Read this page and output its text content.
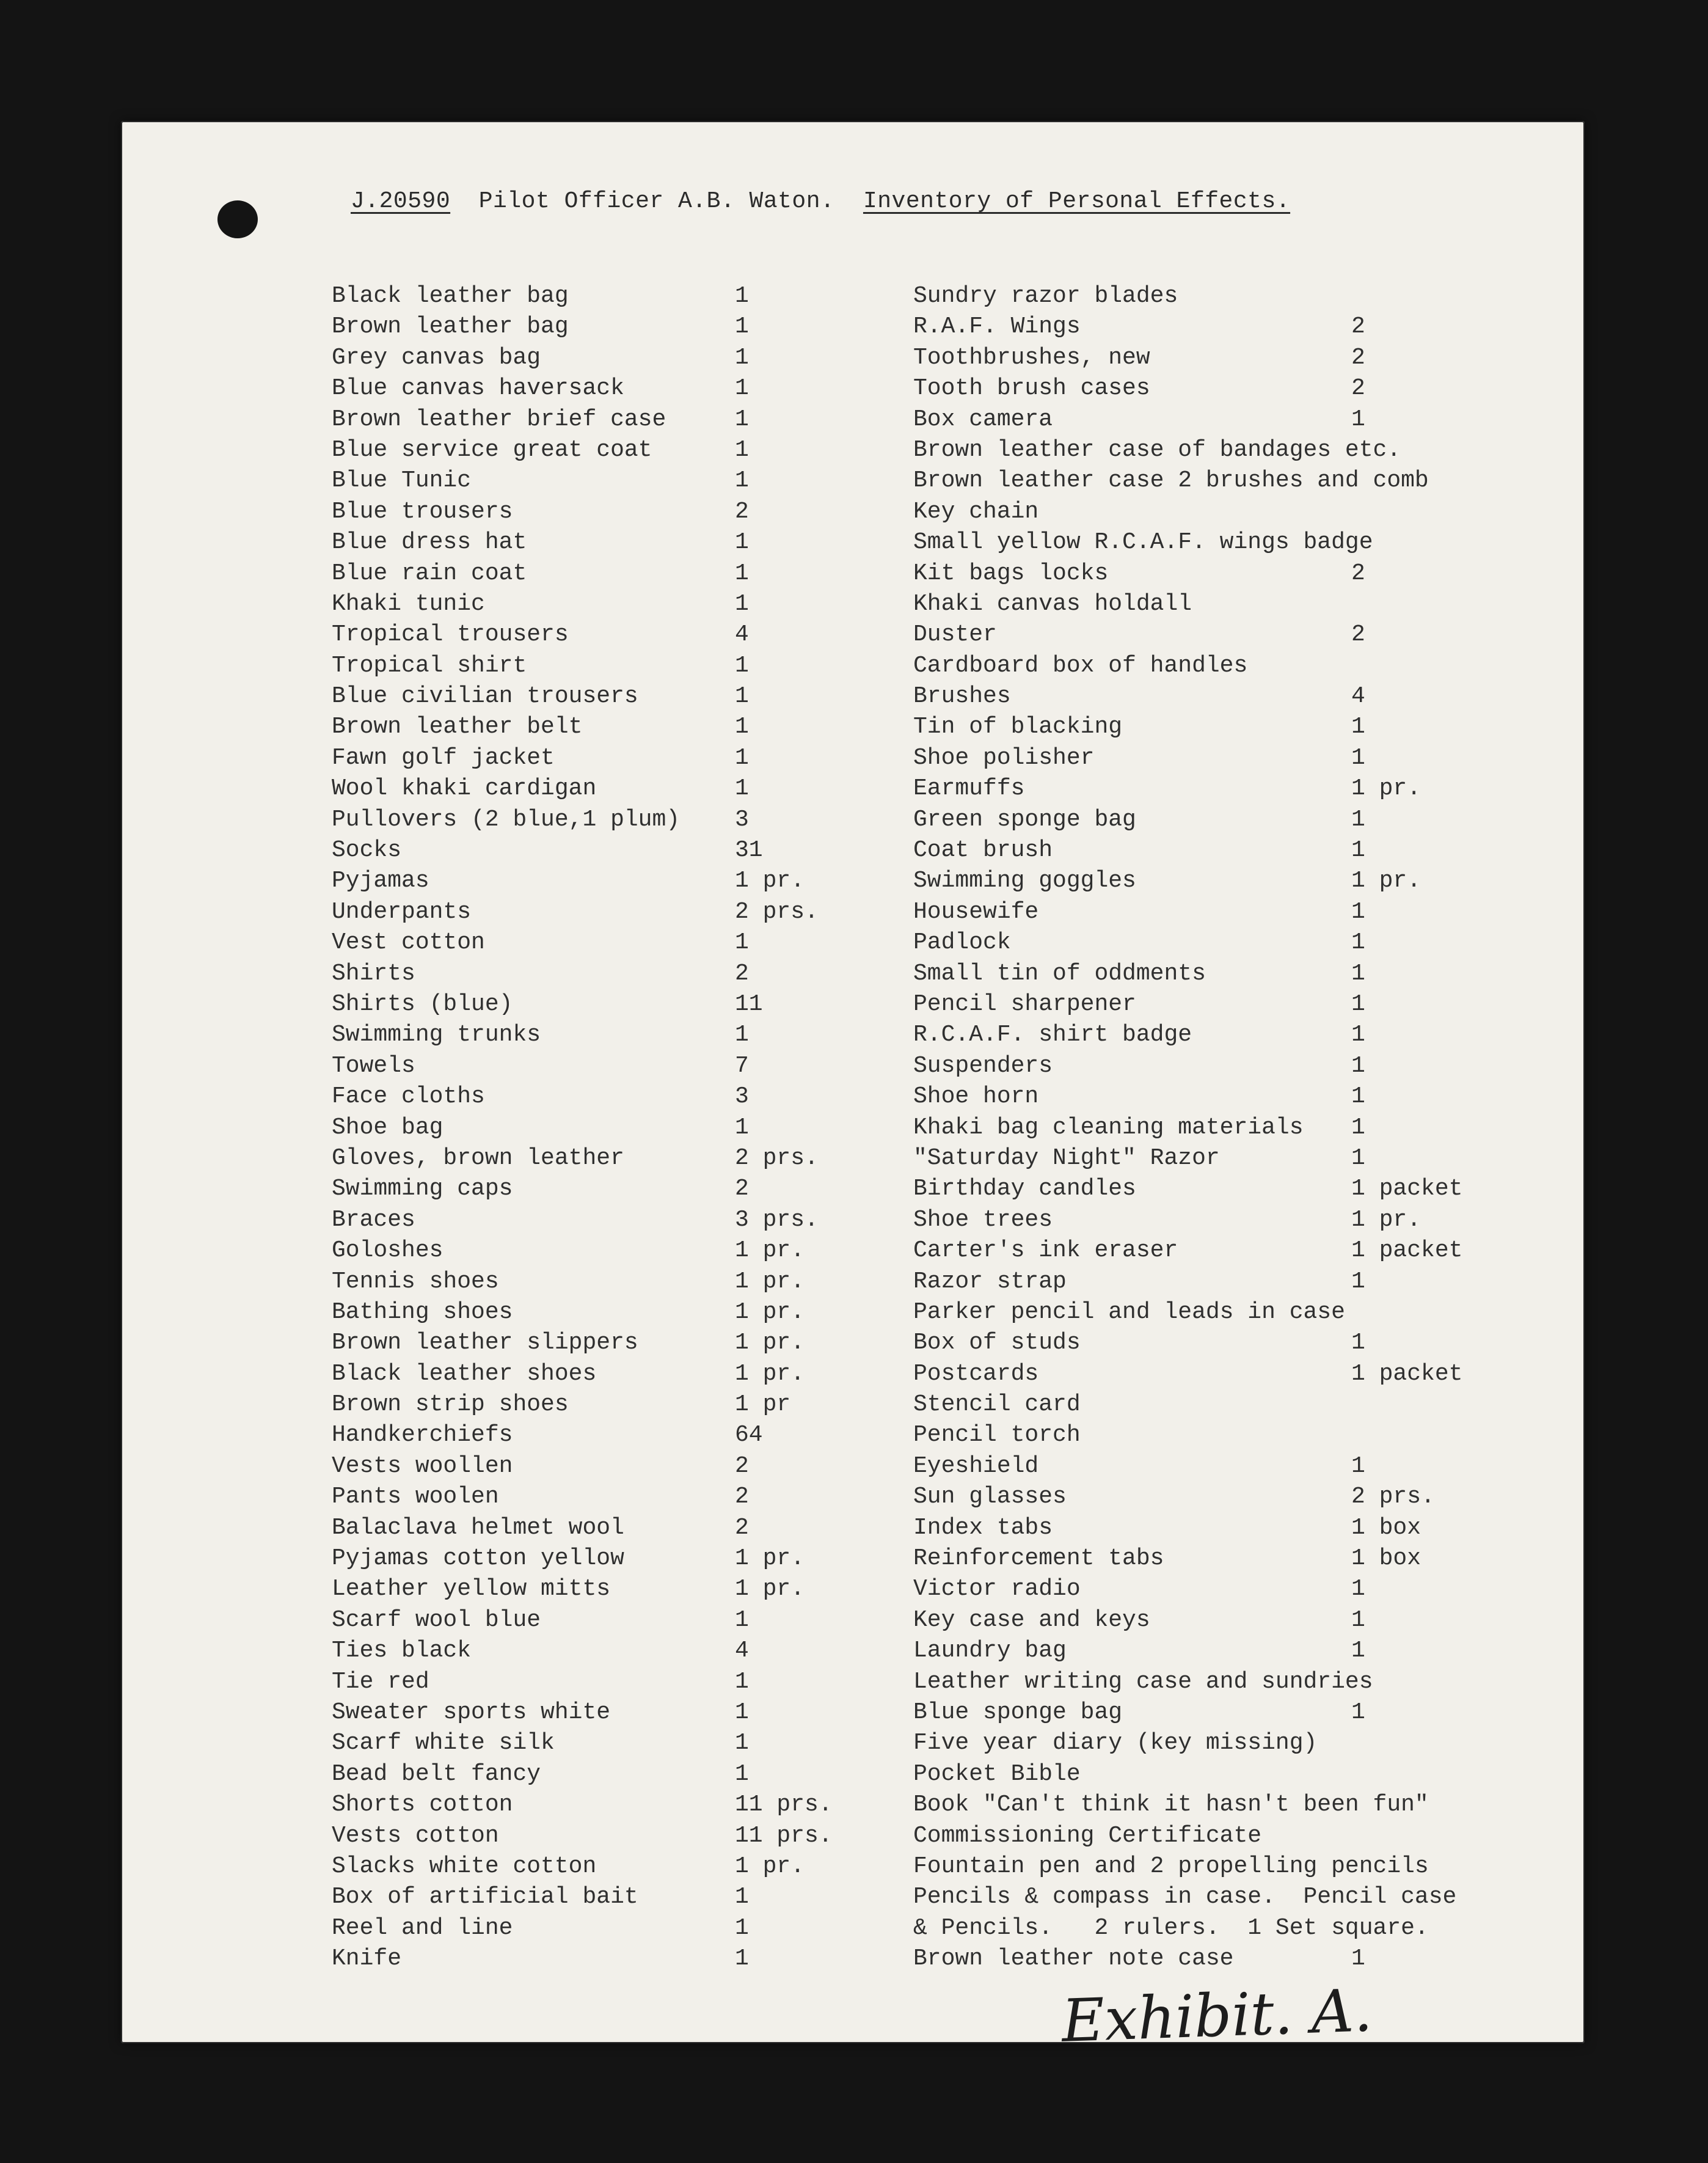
J.20590 Pilot Officer A.B. Waton. Inventory of Personal Effects.
Black leather bag	1
Brown leather bag	1
Grey canvas bag	1
Blue canvas haversack	1
Brown leather brief case	1
Blue service great coat	1
Blue Tunic	1
Blue trousers	2
Blue dress hat	1
Blue rain coat	1
Khaki tunic	1
Tropical trousers	4
Tropical shirt	1
Blue civilian trousers	1
Brown leather belt	1
Fawn golf jacket	1
Wool khaki cardigan	1
Pullovers (2 blue,1 plum) 3
Socks	31
Pyjamas	1 pr.
Underpants	2 prs.
Vest cotton	1
Shirts	2
Shirts (blue)	11
Swimming trunks	1
Towels	7
Face cloths	3
Shoe bag	1
Gloves, brown leather	2 prs.
Swimming caps	2
Braces	3 prs.
Goloshes	1 pr.
Tennis shoes	1 pr.
Bathing shoes	1 pr.
Brown leather slippers	1 pr.
Black leather shoes	1 pr.
Brown strip shoes	1 pr
Handkerchiefs	64
Vests woollen	2
Pants woolen	2
Balaclava helmet wool	2
Pyjamas cotton yellow	1 pr.
Leather yellow mitts	1 pr.
Scarf wool blue	1
Ties black	4
Tie red	1
Sweater sports white	1
Scarf white silk	1
Bead belt fancy	1
Shorts cotton	11 prs.
Vests cotton	11 prs.
Slacks white cotton	1 pr.
Box of artificial bait	1
Reel and line	1
Knife	1
Sundry razor blades
R.A.F. Wings	2
Toothbrushes, new	2
Tooth brush cases	2
Box camera	1
Brown leather case of bandages etc.
Brown leather case 2 brushes and comb
Key chain
Small yellow R.C.A.F. wings badge
Kit bags locks	2
Khaki canvas holdall
Duster	2
Cardboard box of handles
Brushes	4
Tin of blacking	1
Shoe polisher	1
Earmuffs	1 pr.
Green sponge bag	1
Coat brush	1
Swimming goggles	1 pr.
Housewife	1
Padlock	1
Small tin of oddments	1
Pencil sharpener	1
R.C.A.F. shirt badge	1
Suspenders	1
Shoe horn	1
Khaki bag cleaning materials 1
"Saturday Night" Razor	1
Birthday candles	1 packet
Shoe trees	1 pr.
Carter's ink eraser	1 packet
Razor strap	1
Parker pencil and leads in case
Box of studs	1
Postcards	1 packet
Stencil card
Pencil torch
Eyeshield	1
Sun glasses	2 prs.
Index tabs	1 box
Reinforcement tabs	1 box
Victor radio	1
Key case and keys	1
Laundry bag	1
Leather writing case and sundries
Blue sponge bag	1
Five year diary (key missing)
Pocket Bible
Book "Can't think it hasn't been fun"
Commissioning Certificate
Fountain pen and 2 propelling pencils
Pencils & compass in case.  Pencil case
& Pencils.   2 rulers.  1 Set square.
Brown leather note case	1
Exhibit. A.
